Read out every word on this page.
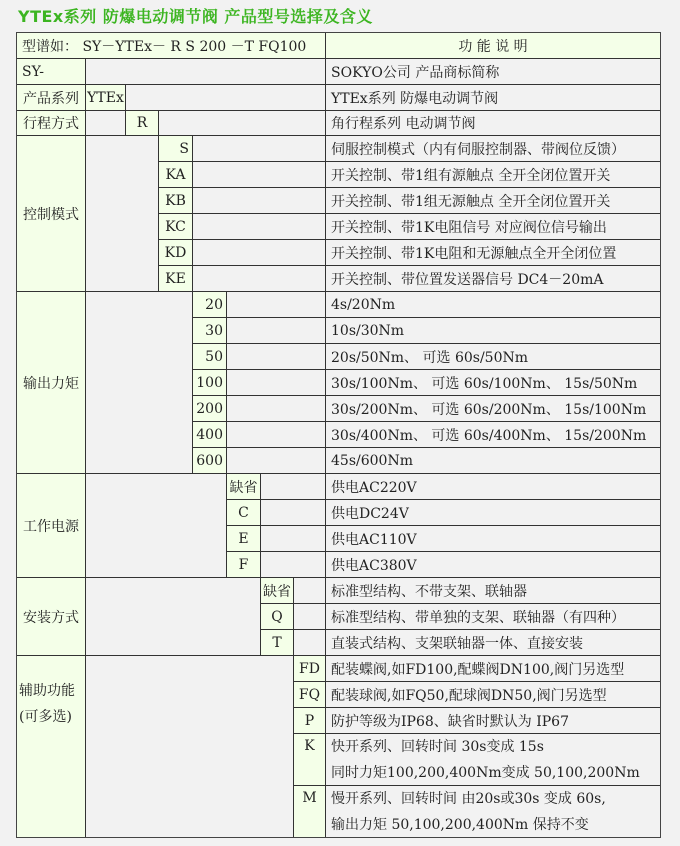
YTEx系列 防爆电动调节阀 产品型号选择及含义
型谱如： SY－YTEx－ R S 200 －T FQ100	功 能 说 明
SY-	SOKYO公司 产品商标简称
产品系列 YTEx	YTEx系列 防爆电动调节阀
行程方式	R	角行程系列 电动调节阀
控制模式
S	伺服控制模式（内有伺服控制器、带阀位反馈）
KA	开关控制、带1组有源触点 全开全闭位置开关
KB	开关控制、带1组无源触点 全开全闭位置开关
KC	开关控制、带1K电阻信号 对应阀位信号输出
KD	开关控制、带1K电阻和无源触点全开全闭位置
KE	开关控制、带位置发送器信号 DC4－20mA
输出力矩
20	4s/20Nm
30	10s/30Nm
50	20s/50Nm、 可选 60s/50Nm
100	30s/100Nm、 可选 60s/100Nm、 15s/50Nm
200	30s/200Nm、 可选 60s/200Nm、 15s/100Nm
400	30s/400Nm、 可选 60s/400Nm、 15s/200Nm
600	45s/600Nm
工作电源
缺省	供电AC220V
C	供电DC24V
E	供电AC110V
F	供电AC380V
安装方式
缺省	标准型结构、不带支架、联轴器
Q	标准型结构、带单独的支架、联轴器（有四种）
T	直装式结构、支架联轴器一体、直接安装
辅助功能
(可多选)
FD 配装蝶阀,如FD100,配蝶阀DN100,阀门另选型
FQ 配装球阀,如FQ50,配球阀DN50,阀门另选型
P	防护等级为IP68、缺省时默认为 IP67
K	快开系列、回转时间 30s变成 15s
同时力矩100,200,400Nm变成 50,100,200Nm
M	慢开系列、回转时间 由20s或30s 变成 60s,
输出力矩 50,100,200,400Nm 保持不变
